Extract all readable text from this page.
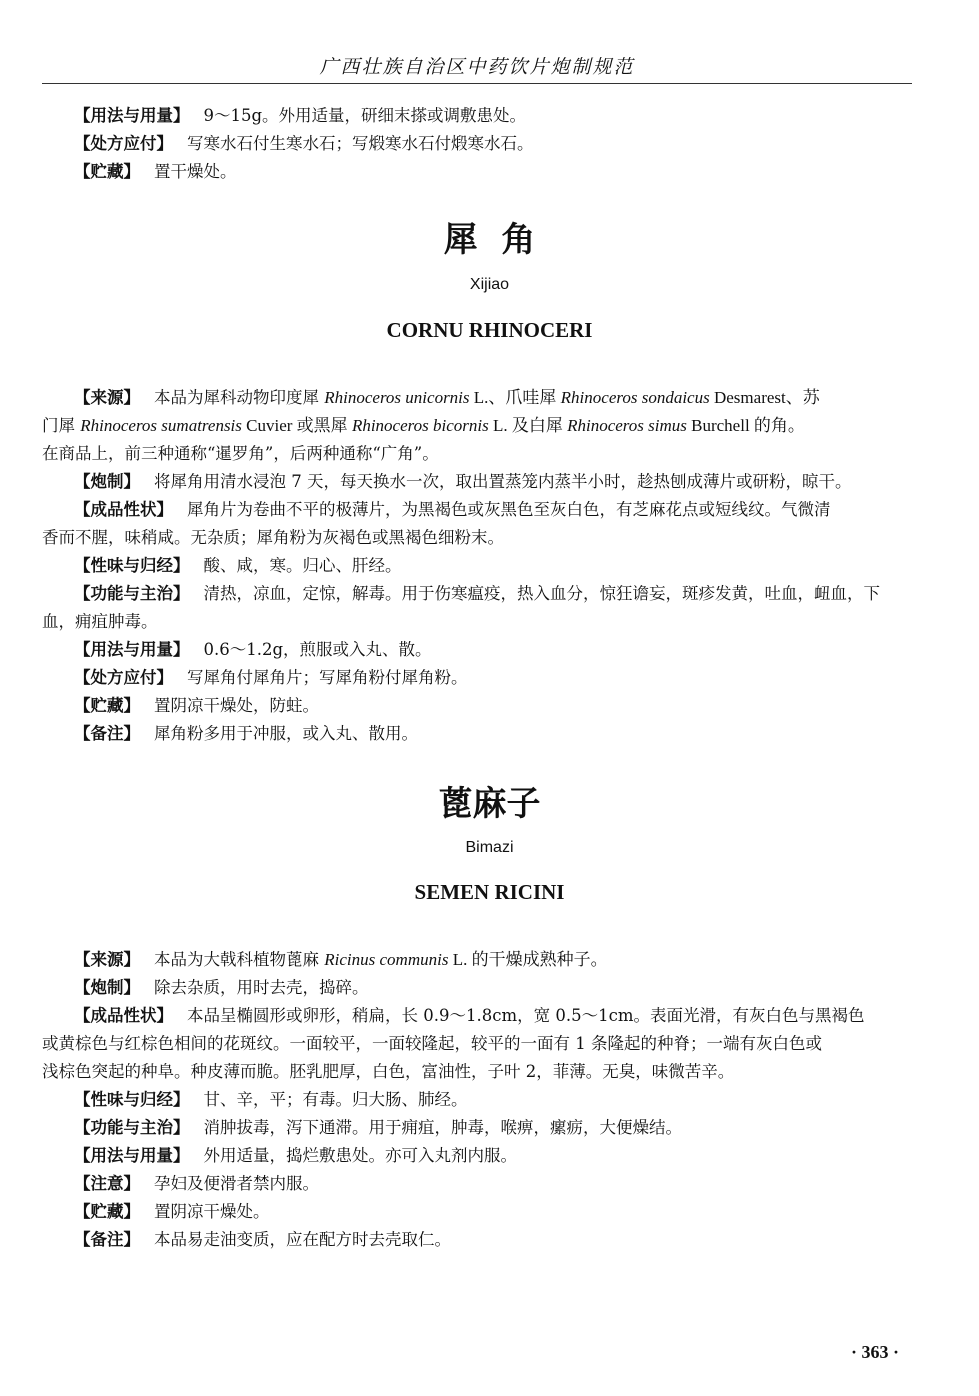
广西壮族自治区中药饮片炮制规范
【用法与用量】 9～15g。外用适量，研细末搽或调敷患处。
【处方应付】 写寒水石付生寒水石；写煅寒水石付煅寒水石。
【贮藏】 置干燥处。
犀  角
Xijiao
CORNU RHINOCERI
【来源】 本品为犀科动物印度犀 Rhinoceros unicornis L.、爪哇犀 Rhinoceros sondaicus Desmarest、苏
门犀 Rhinoceros sumatrensis Cuvier 或黑犀 Rhinoceros bicornis L. 及白犀 Rhinoceros simus Burchell 的角。
在商品上，前三种通称“暹罗角”，后两种通称“广角”。
【炮制】 将犀角用清水浸泡 7 天，每天换水一次，取出置蒸笼内蒸半小时，趁热刨成薄片或研粉，晾干。
【成品性状】 犀角片为卷曲不平的极薄片，为黑褐色或灰黑色至灰白色，有芝麻花点或短线纹。气微清
香而不腥，味稍咸。无杂质；犀角粉为灰褐色或黑褐色细粉末。
【性味与归经】 酸、咸，寒。归心、肝经。
【功能与主治】 清热，凉血，定惊，解毒。用于伤寒瘟疫，热入血分，惊狂谵妄，斑疹发黄，吐血，衄血，下
血，痈疽肿毒。
【用法与用量】 0.6～1.2g，煎服或入丸、散。
【处方应付】 写犀角付犀角片；写犀角粉付犀角粉。
【贮藏】 置阴凉干燥处，防蛀。
【备注】 犀角粉多用于冲服，或入丸、散用。
蓖麻子
Bimazi
SEMEN RICINI
【来源】 本品为大戟科植物蓖麻 Ricinus communis L. 的干燥成熟种子。
【炮制】 除去杂质，用时去壳，捣碎。
【成品性状】 本品呈椭圆形或卵形，稍扁，长 0.9～1.8cm，宽 0.5～1cm。表面光滑，有灰白色与黑褐色
或黄棕色与红棕色相间的花斑纹。一面较平，一面较隆起，较平的一面有 1 条隆起的种脊；一端有灰白色或
浅棕色突起的种阜。种皮薄而脆。胚乳肥厚，白色，富油性，子叶 2，菲薄。无臭，味微苦辛。
【性味与归经】 甘、辛，平；有毒。归大肠、肺经。
【功能与主治】 消肿拔毒，泻下通滞。用于痈疽，肿毒，喉痹，瘰疬，大便燥结。
【用法与用量】 外用适量，捣烂敷患处。亦可入丸剂内服。
【注意】 孕妇及便滑者禁内服。
【贮藏】 置阴凉干燥处。
【备注】 本品易走油变质，应在配方时去壳取仁。
· 363 ·
